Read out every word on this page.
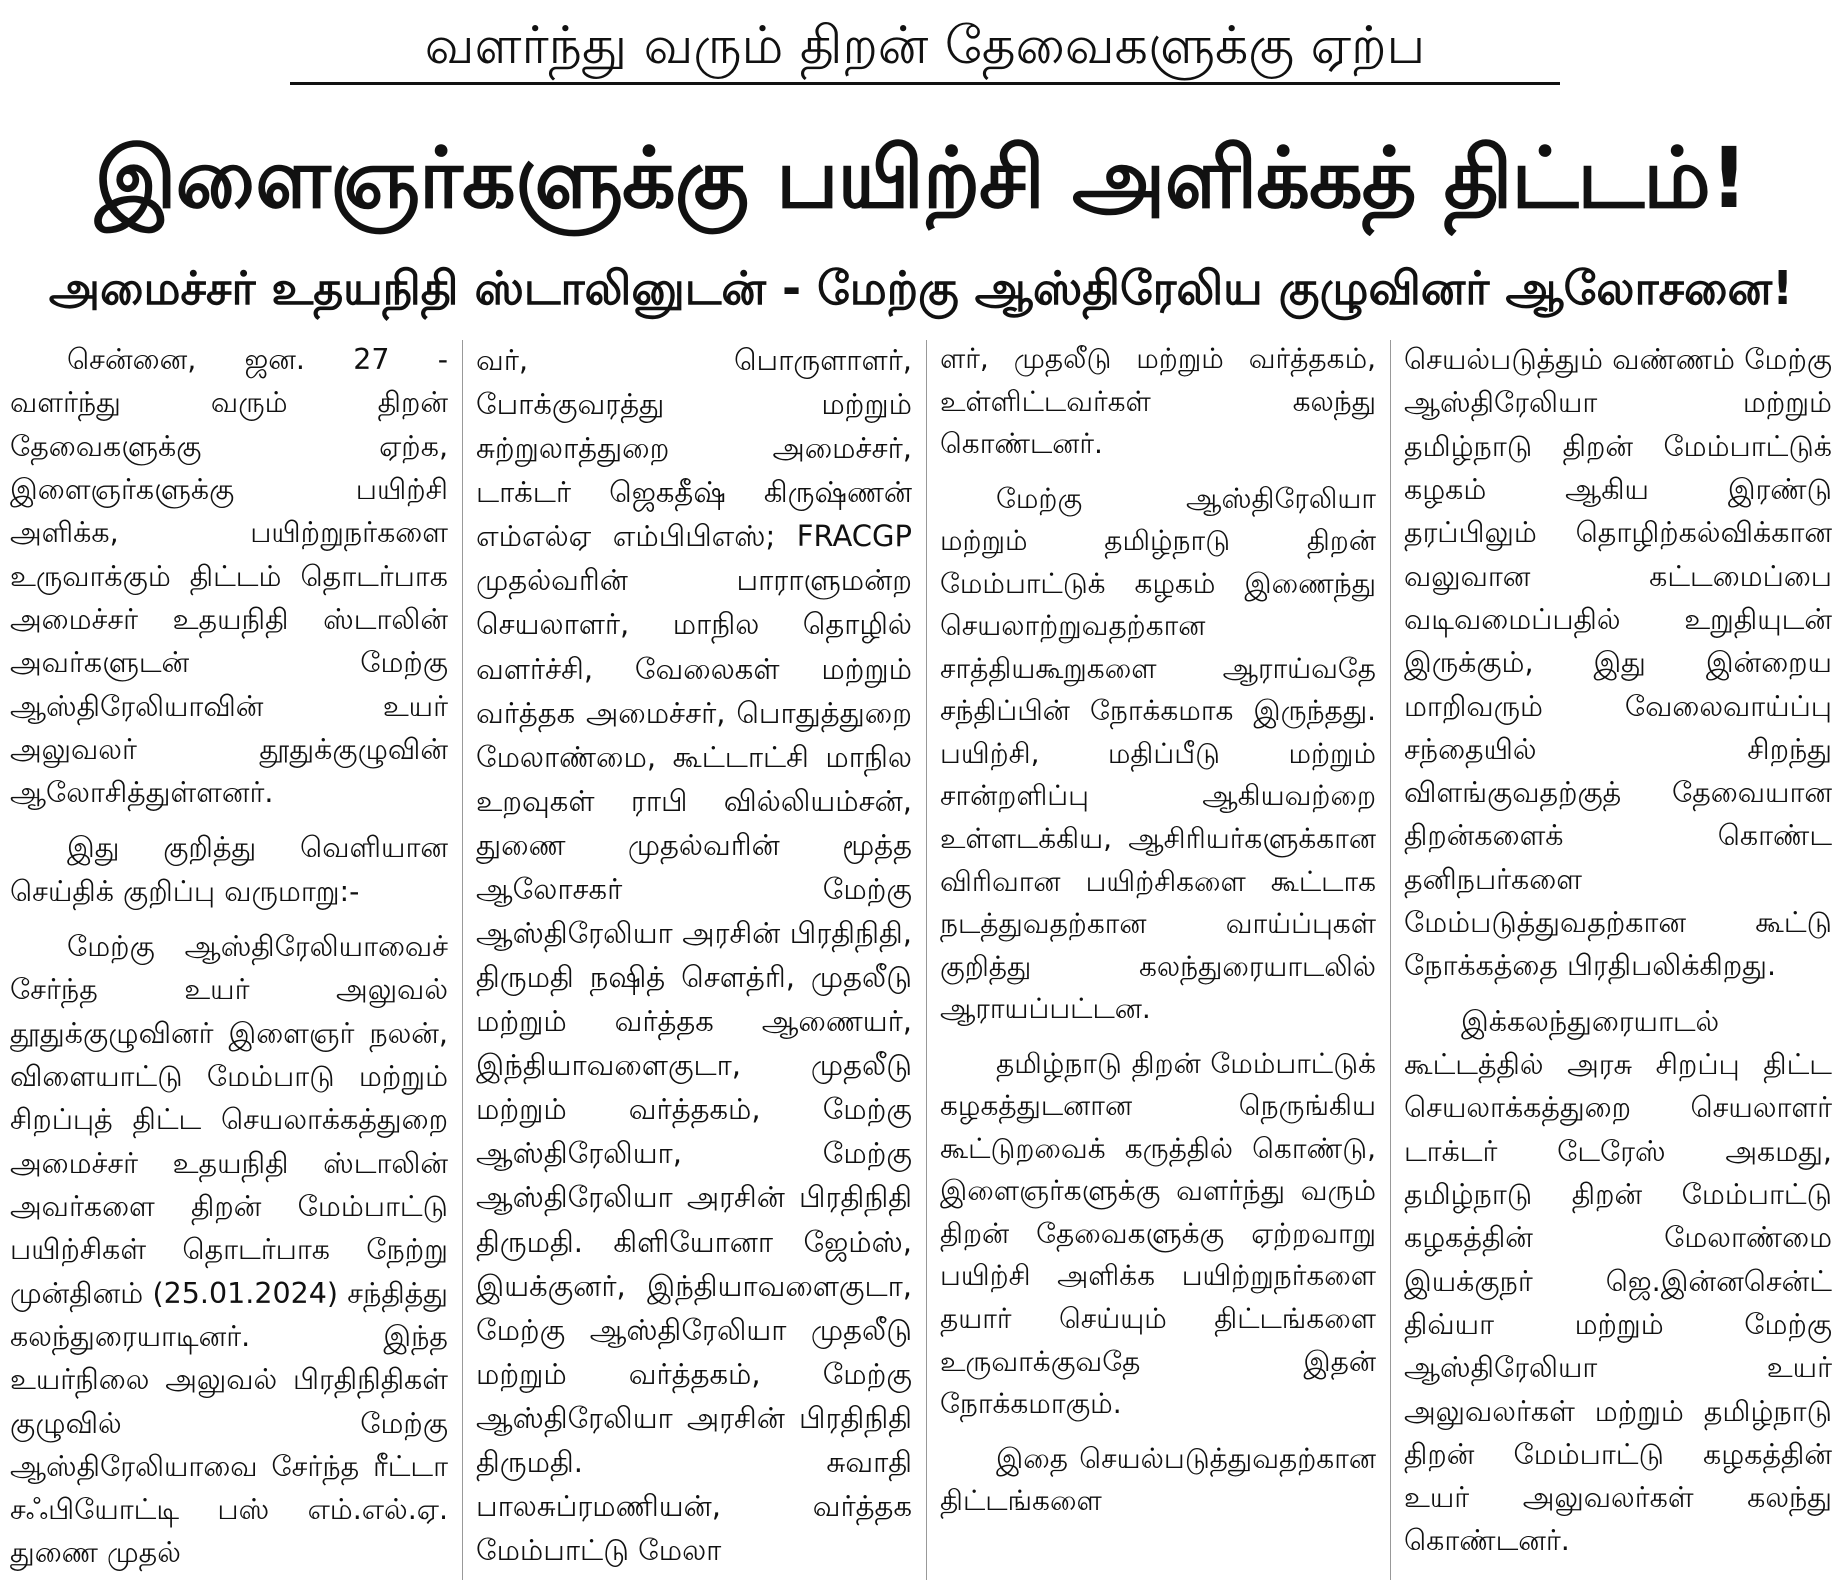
வளர்ந்து வரும் திறன் தேவைகளுக்கு ஏற்ப
இளைஞர்களுக்கு பயிற்சி அளிக்கத் திட்டம்!
அமைச்சர் உதயநிதி ஸ்டாலினுடன் - மேற்கு ஆஸ்திரேலிய குழுவினர் ஆலோசனை!

சென்னை, ஜன. 27 - வளர்ந்து வரும் திறன் தேவைகளுக்கு ஏற்க, இளைஞர்களுக்கு பயிற்சி அளிக்க, பயிற்றுநர்களை உருவாக்கும் திட்டம் தொடர்பாக அமைச்சர் உதயநிதி ஸ்டாலின் அவர்களுடன் மேற்கு ஆஸ்திரேலியாவின் உயர் அலுவலர் தூதுக்குழுவின் ஆலோசித்துள்ளனர்.

இது குறித்து வெளியான செய்திக் குறிப்பு வருமாறு:-

மேற்கு ஆஸ்திரேலியாவைச் சேர்ந்த உயர் அலுவல் தூதுக்குழுவினர் இளைஞர் நலன், விளையாட்டு மேம்பாடு மற்றும் சிறப்புத் திட்ட செயலாக்கத்துறை அமைச்சர் உதயநிதி ஸ்டாலின் அவர்களை திறன் மேம்பாட்டு பயிற்சிகள் தொடர்பாக நேற்று முன்தினம் (25.01.2024) சந்தித்து கலந்துரையாடினர். இந்த உயர்நிலை அலுவல் பிரதிநிதிகள் குழுவில் மேற்கு ஆஸ்திரேலியாவை சேர்ந்த ரீட்டா சஃபியோட்டி பஸ் எம்.எல்.ஏ. துணை முதல்

வர், பொருளாளர், போக்குவரத்து மற்றும் சுற்றுலாத்துறை அமைச்சர், டாக்டர் ஜெகதீஷ் கிருஷ்ணன் எம்எல்ஏ எம்பிபிஎஸ்; FRACGP முதல்வரின் பாராளுமன்ற செயலாளர், மாநில தொழில் வளர்ச்சி, வேலைகள் மற்றும் வர்த்தக அமைச்சர், பொதுத்துறை மேலாண்மை, கூட்டாட்சி மாநில உறவுகள் ராபி வில்லியம்சன், துணை முதல்வரின் மூத்த ஆலோசகர் மேற்கு ஆஸ்திரேலியா அரசின் பிரதிநிதி, திருமதி நஷித் சௌத்ரி, முதலீடு மற்றும் வர்த்தக ஆணையர், இந்தியாவளைகுடா, முதலீடு மற்றும் வர்த்தகம், மேற்கு ஆஸ்திரேலியா, மேற்கு ஆஸ்திரேலியா அரசின் பிரதிநிதி திருமதி. கிளியோனா ஜேம்ஸ், இயக்குனர், இந்தியாவளைகுடா, மேற்கு ஆஸ்திரேலியா முதலீடு மற்றும் வர்த்தகம், மேற்கு ஆஸ்திரேலியா அரசின் பிரதிநிதி திருமதி. சுவாதி பாலசுப்ரமணியன், வர்த்தக மேம்பாட்டு மேலா

ளர், முதலீடு மற்றும் வர்த்தகம், உள்ளிட்டவர்கள் கலந்து கொண்டனர்.

மேற்கு ஆஸ்திரேலியா மற்றும் தமிழ்நாடு திறன் மேம்பாட்டுக் கழகம் இணைந்து செயலாற்றுவதற்கான சாத்தியகூறுகளை ஆராய்வதே சந்திப்பின் நோக்கமாக இருந்தது. பயிற்சி, மதிப்பீடு மற்றும் சான்றளிப்பு ஆகியவற்றை உள்ளடக்கிய, ஆசிரியர்களுக்கான விரிவான பயிற்சிகளை கூட்டாக நடத்துவதற்கான வாய்ப்புகள் குறித்து கலந்துரையாடலில் ஆராயப்பட்டன.

தமிழ்நாடு திறன் மேம்பாட்டுக் கழகத்துடனான நெருங்கிய கூட்டுறவைக் கருத்தில் கொண்டு, இளைஞர்களுக்கு வளர்ந்து வரும் திறன் தேவைகளுக்கு ஏற்றவாறு பயிற்சி அளிக்க பயிற்றுநர்களை தயார் செய்யும் திட்டங்களை உருவாக்குவதே இதன் நோக்கமாகும்.

இதை செயல்படுத்துவதற்கான திட்டங்களை

செயல்படுத்தும் வண்ணம் மேற்கு ஆஸ்திரேலியா மற்றும் தமிழ்நாடு திறன் மேம்பாட்டுக் கழகம் ஆகிய இரண்டு தரப்பிலும் தொழிற்கல்விக்கான வலுவான கட்டமைப்பை வடிவமைப்பதில் உறுதியுடன் இருக்கும், இது இன்றைய மாறிவரும் வேலைவாய்ப்பு சந்தையில் சிறந்து விளங்குவதற்குத் தேவையான திறன்களைக் கொண்ட தனிநபர்களை மேம்படுத்துவதற்கான கூட்டு நோக்கத்தை பிரதிபலிக்கிறது.

இக்கலந்துரையாடல் கூட்டத்தில் அரசு சிறப்பு திட்ட செயலாக்கத்துறை செயலாளர் டாக்டர் டேரேஸ் அகமது, தமிழ்நாடு திறன் மேம்பாட்டு கழகத்தின் மேலாண்மை இயக்குநர் ஜெ.இன்னசென்ட் திவ்யா மற்றும் மேற்கு ஆஸ்திரேலியா உயர் அலுவலர்கள் மற்றும் தமிழ்நாடு திறன் மேம்பாட்டு கழகத்தின் உயர் அலுவலர்கள் கலந்து கொண்டனர்.
